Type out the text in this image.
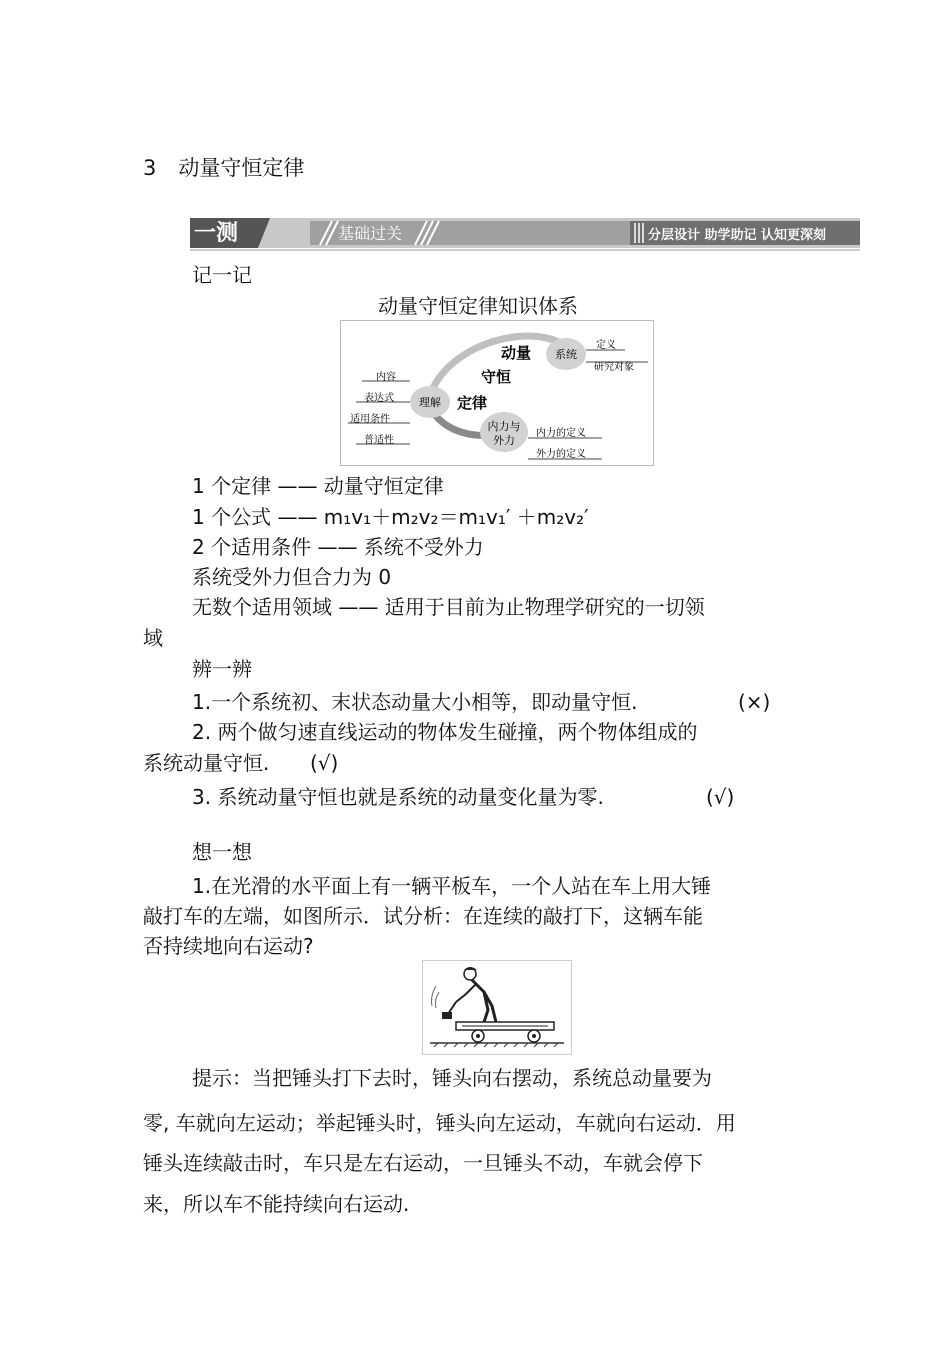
3 动量守恒定律
一测	基础过关	分层设计 助学助记 认知更深刻
记一记
动量守恒定律知识体系
动量
守恒
定律
系统
定义
研究对象
理解
内容
表达式
适用条件
普适性
内力与
外力
内力的定义
外力的定义
1 个定律 —— 动量守恒定律
1 个公式 —— m₁v₁＋m₂v₂＝m₁v₁′ ＋m₂v₂′
2 个适用条件 —— 系统不受外力
系统受外力但合力为 0
无数个适用领域 —— 适用于目前为止物理学研究的一切领
域
辨一辨
1.一个系统初、末状态动量大小相等，即动量守恒.	(×)
2. 两个做匀速直线运动的物体发生碰撞，两个物体组成的
系统动量守恒. (√)
3. 系统动量守恒也就是系统的动量变化量为零.	(√)
想一想
1.在光滑的水平面上有一辆平板车，一个人站在车上用大锤
敲打车的左端，如图所示．试分析：在连续的敲打下，这辆车能
否持续地向右运动?
提示：当把锤头打下去时，锤头向右摆动，系统总动量要为
零, 车就向左运动；举起锤头时，锤头向左运动，车就向右运动．用
锤头连续敲击时，车只是左右运动，一旦锤头不动，车就会停下
来，所以车不能持续向右运动.
